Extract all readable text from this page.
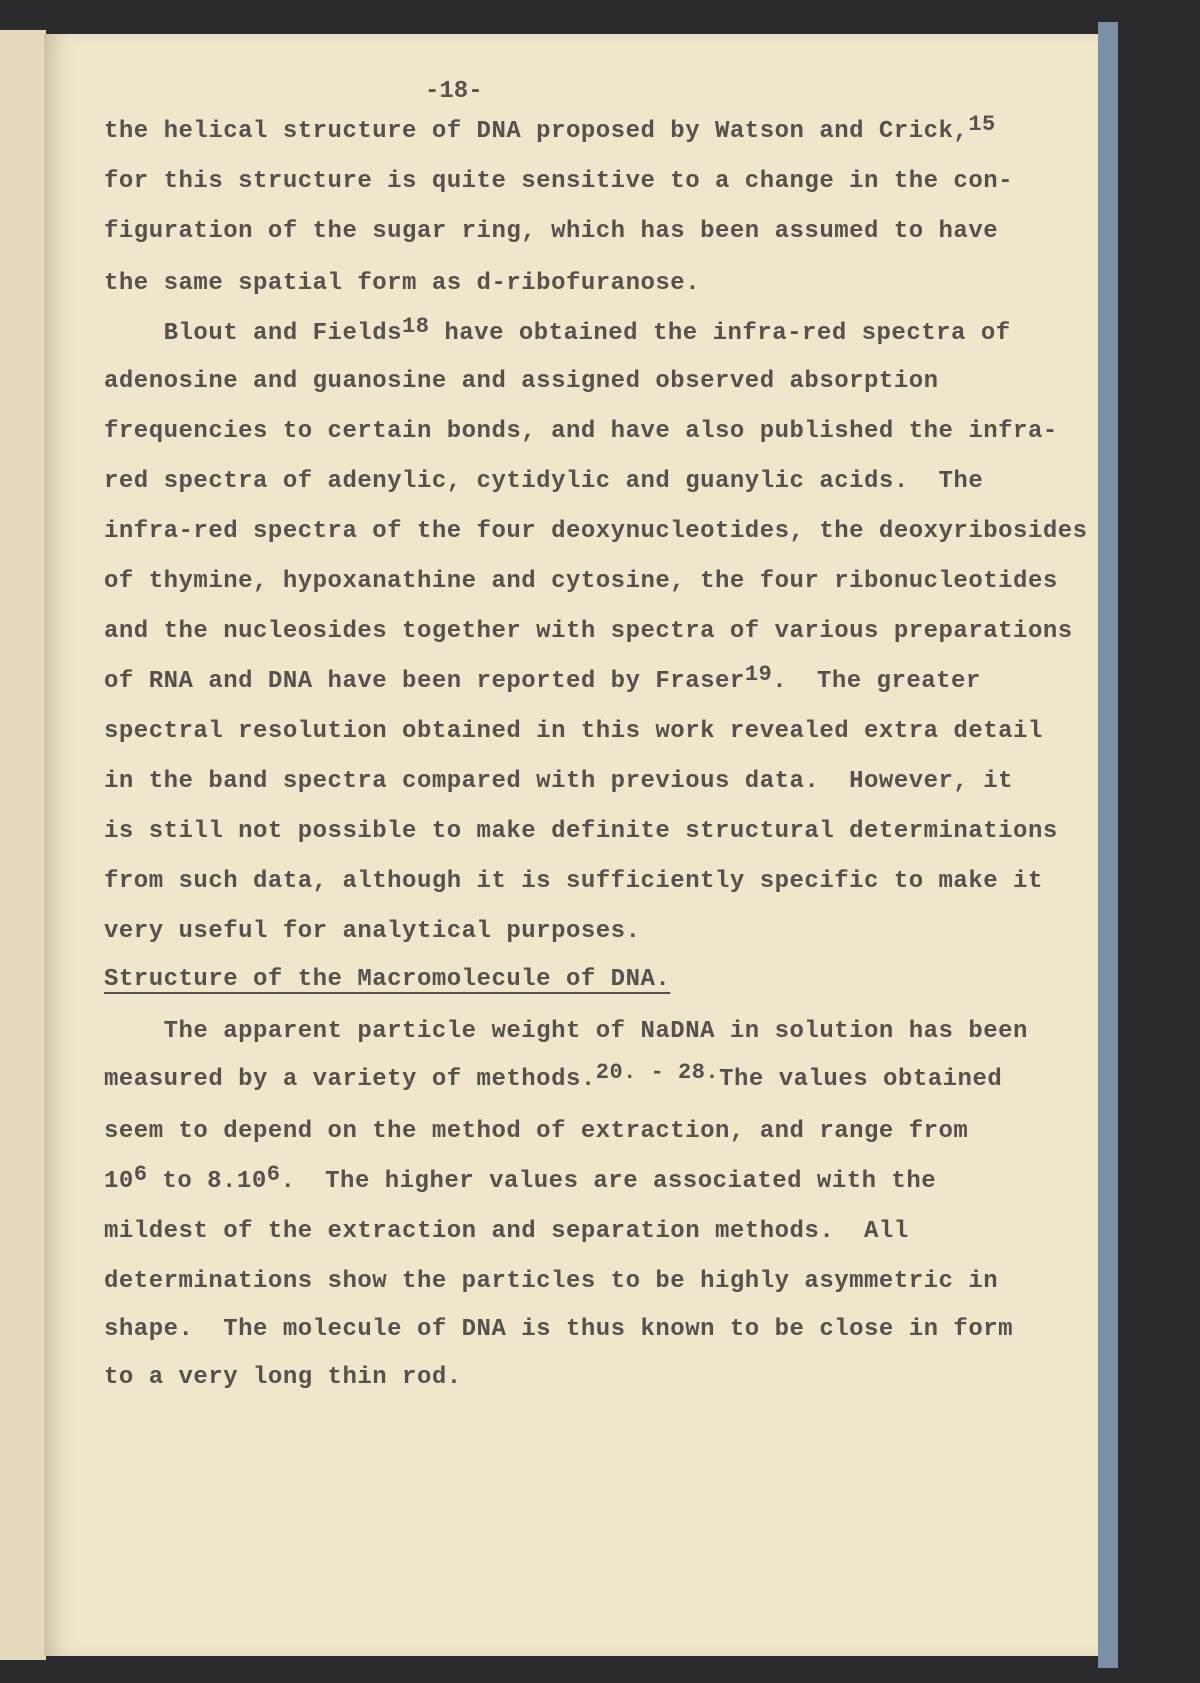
-18-
the helical structure of DNA proposed by Watson and Crick,$^{15}$
for this structure is quite sensitive to a change in the con-
figuration of the sugar ring, which has been assumed to have
the same spatial form as d-ribofuranose.
Blout and Fields$^{18}$ have obtained the infra-red spectra of
adenosine and guanosine and assigned observed absorption
frequencies to certain bonds, and have also published the infra-
red spectra of adenylic, cytidylic and guanylic acids.  The
infra-red spectra of the four deoxynucleotides, the deoxyribosides
of thymine, hypoxanathine and cytosine, the four ribonucleotides
and the nucleosides together with spectra of various preparations
of RNA and DNA have been reported by Fraser$^{19}$.  The greater
spectral resolution obtained in this work revealed extra detail
in the band spectra compared with previous data.  However, it
is still not possible to make definite structural determinations
from such data, although it is sufficiently specific to make it
very useful for analytical purposes.
Structure of the Macromolecule of DNA.
The apparent particle weight of NaDNA in solution has been
measured by a variety of methods.$^{20. - 28.}$The values obtained
seem to depend on the method of extraction, and range from
$10^6$ to 8.10$^6$.  The higher values are associated with the
mildest of the extraction and separation methods.  All
determinations show the particles to be highly asymmetric in
shape.  The molecule of DNA is thus known to be close in form
to a very long thin rod.
